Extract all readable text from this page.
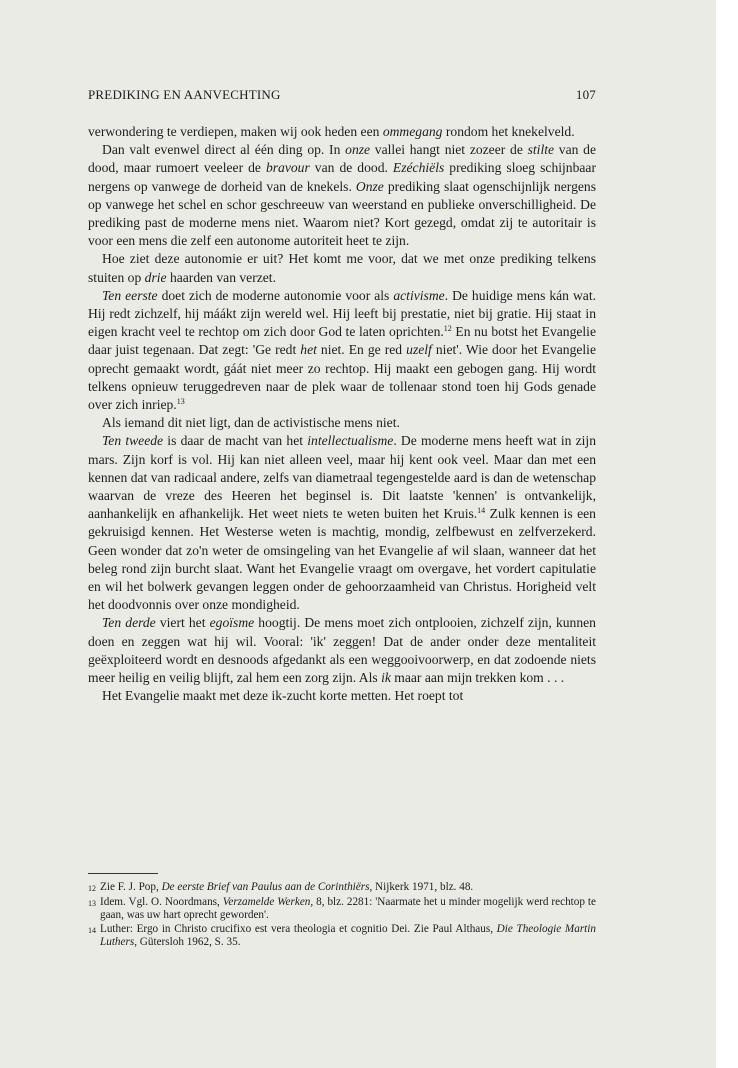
PREDIKING EN AANVECHTING	107

verwondering te verdiepen, maken wij ook heden een ommegang rondom het knekelveld.

Dan valt evenwel direct al één ding op. In onze vallei hangt niet zozeer de stilte van de dood, maar rumoert veeleer de bravour van de dood. Ezéchiëls prediking sloeg schijnbaar nergens op vanwege de dorheid van de knekels. Onze prediking slaat ogenschijnlijk nergens op vanwege het schel en schor geschreeuw van weerstand en publieke onverschilligheid. De prediking past de moderne mens niet. Waarom niet? Kort gezegd, omdat zij te autoritair is voor een mens die zelf een autonome autoriteit heet te zijn.

Hoe ziet deze autonomie er uit? Het komt me voor, dat we met onze prediking telkens stuiten op drie haarden van verzet.

Ten eerste doet zich de moderne autonomie voor als activisme. De huidige mens kán wat. Hij redt zichzelf, hij máákt zijn wereld wel. Hij leeft bij prestatie, niet bij gratie. Hij staat in eigen kracht veel te rechtop om zich door God te laten oprichten.$^{12}$ En nu botst het Evangelie daar juist tegenaan. Dat zegt: 'Ge redt het niet. En ge red uzelf niet'. Wie door het Evangelie oprecht gemaakt wordt, gáát niet meer zo rechtop. Hij maakt een gebogen gang. Hij wordt telkens opnieuw teruggedreven naar de plek waar de tollenaar stond toen hij Gods genade over zich inriep.$^{13}$

Als iemand dit niet ligt, dan de activistische mens niet.

Ten tweede is daar de macht van het intellectualisme. De moderne mens heeft wat in zijn mars. Zijn korf is vol. Hij kan niet alleen veel, maar hij kent ook veel. Maar dan met een kennen dat van radicaal andere, zelfs van diametraal tegengestelde aard is dan de wetenschap waarvan de vreze des Heeren het beginsel is. Dit laatste 'kennen' is ontvankelijk, aanhankelijk en afhankelijk. Het weet niets te weten buiten het Kruis.$^{14}$ Zulk kennen is een gekruisigd kennen. Het Westerse weten is machtig, mondig, zelfbewust en zelfverzekerd. Geen wonder dat zo'n weter de omsingeling van het Evangelie af wil slaan, wanneer dat het beleg rond zijn burcht slaat. Want het Evangelie vraagt om overgave, het vordert capitulatie en wil het bolwerk gevangen leggen onder de gehoorzaamheid van Christus. Horigheid velt het doodvonnis over onze mondigheid.

Ten derde viert het egoïsme hoogtij. De mens moet zich ontplooien, zichzelf zijn, kunnen doen en zeggen wat hij wil. Vooral: 'ik' zeggen! Dat de ander onder deze mentaliteit geëxploiteerd wordt en desnoods afgedankt als een weggooivoorwerp, en dat zodoende niets meer heilig en veilig blijft, zal hem een zorg zijn. Als ik maar aan mijn trekken kom . . .

Het Evangelie maakt met deze ik-zucht korte metten. Het roept tot

12 Zie F. J. Pop, De eerste Brief van Paulus aan de Corinthiërs, Nijkerk 1971, blz. 48.
13 Idem. Vgl. O. Noordmans, Verzamelde Werken, 8, blz. 2281: 'Naarmate het u minder mogelijk werd rechtop te gaan, was uw hart oprecht geworden'.
14 Luther: Ergo in Christo crucifixo est vera theologia et cognitio Dei. Zie Paul Althaus, Die Theologie Martin Luthers, Gütersloh 1962, S. 35.
